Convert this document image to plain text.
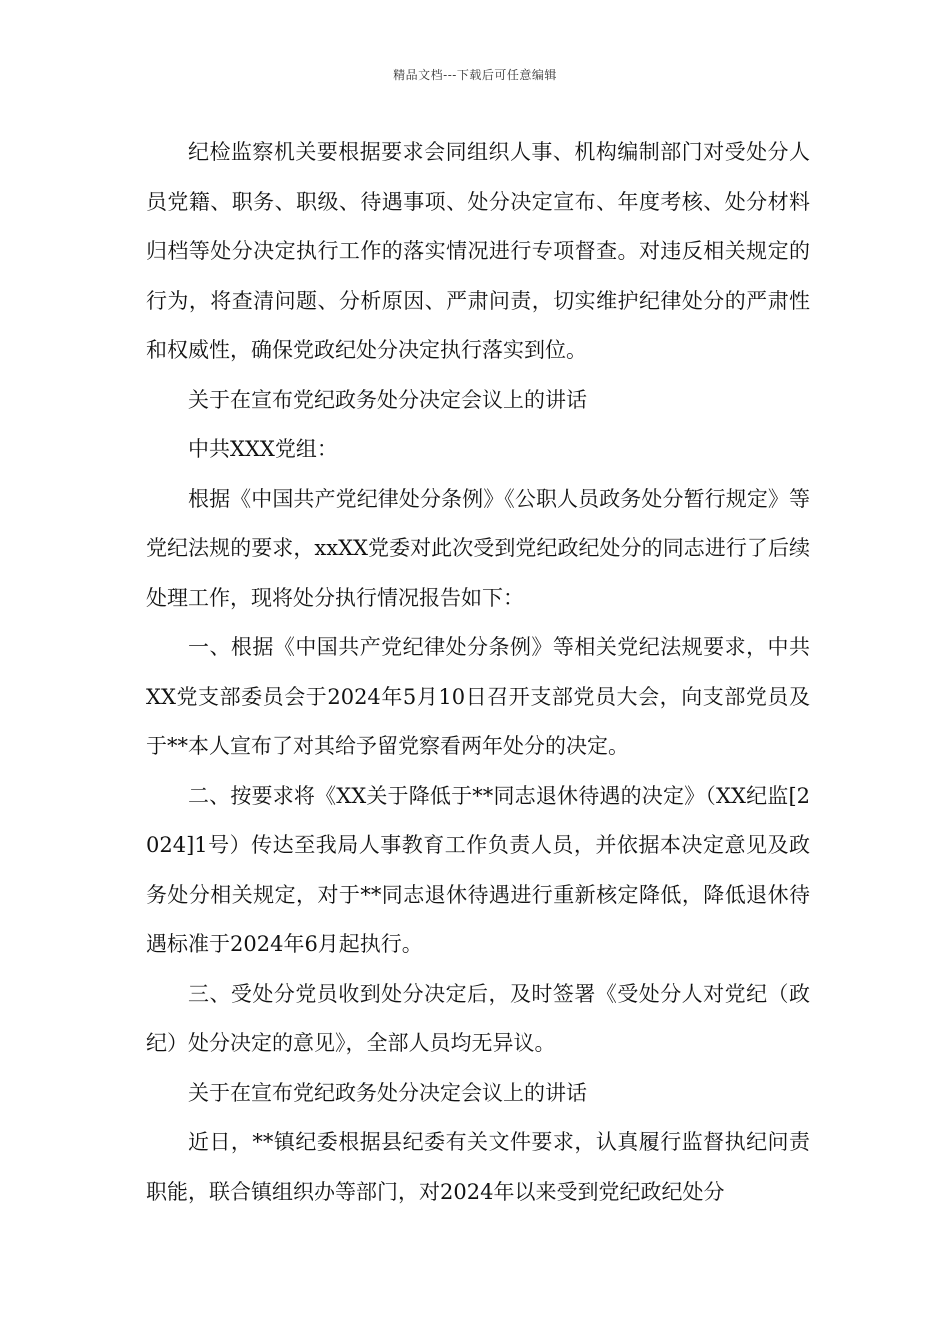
精品文档---下载后可任意编辑

纪检监察机关要根据要求会同组织人事、机构编制部门对受处分人员党籍、职务、职级、待遇事项、处分决定宣布、年度考核、处分材料归档等处分决定执行工作的落实情况进行专项督查。对违反相关规定的行为，将查清问题、分析原因、严肃问责，切实维护纪律处分的严肃性和权威性，确保党政纪处分决定执行落实到位。

关于在宣布党纪政务处分决定会议上的讲话

中共XXX党组：

根据《中国共产党纪律处分条例》《公职人员政务处分暂行规定》等党纪法规的要求，xxXX党委对此次受到党纪政纪处分的同志进行了后续处理工作，现将处分执行情况报告如下：

一、根据《中国共产党纪律处分条例》等相关党纪法规要求，中共XX党支部委员会于2024年5月10日召开支部党员大会，向支部党员及于**本人宣布了对其给予留党察看两年处分的决定。

二、按要求将《XX关于降低于**同志退休待遇的决定》（XX纪监[2024]1号）传达至我局人事教育工作负责人员，并依据本决定意见及政务处分相关规定，对于**同志退休待遇进行重新核定降低，降低退休待遇标准于2024年6月起执行。

三、受处分党员收到处分决定后，及时签署《受处分人对党纪（政纪）处分决定的意见》，全部人员均无异议。

关于在宣布党纪政务处分决定会议上的讲话

近日，**镇纪委根据县纪委有关文件要求，认真履行监督执纪问责职能，联合镇组织办等部门，对2024年以来受到党纪政纪处分
